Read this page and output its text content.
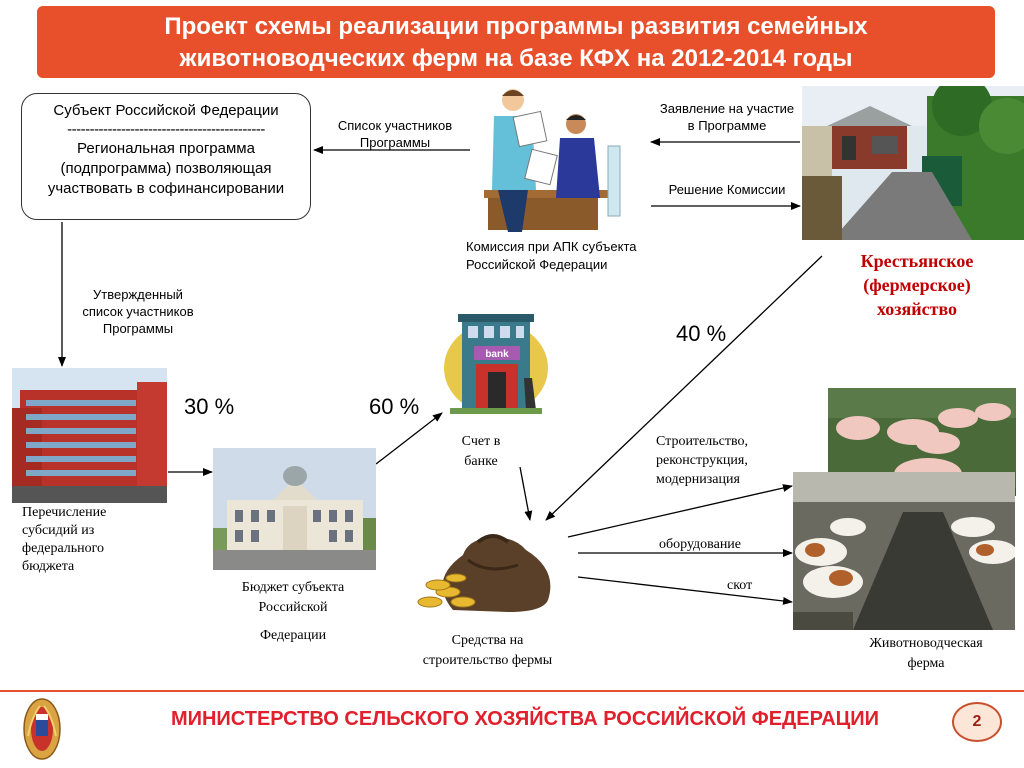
Проект схемы реализации программы развития семейных
животноводческих ферм на базе КФХ на 2012-2014 годы
Субъект Российской Федерации
--------------------------------------------
Региональная программа
(подпрограмма) позволяющая
участвовать в софинансировании
Список участников
Программы
Заявление на участие
в Программе
Решение Комиссии
Комиссия при АПК субъекта
Российской Федерации
Утвержденный
список участников
Программы
Крестьянское
(фермерское)
хозяйство
30 %	60 %
40 %
Перечисление
субсидий из
федерального
бюджета
Бюджет субъекта
Российской
Федерации
Счет в
банке
Строительство,
реконструкция,
модернизация
оборудование
скот
Средства на
строительство фермы
Животноводческая
ферма
bank
МИНИСТЕРСТВО СЕЛЬСКОГО ХОЗЯЙСТВА РОССИЙСКОЙ ФЕДЕРАЦИИ	2
